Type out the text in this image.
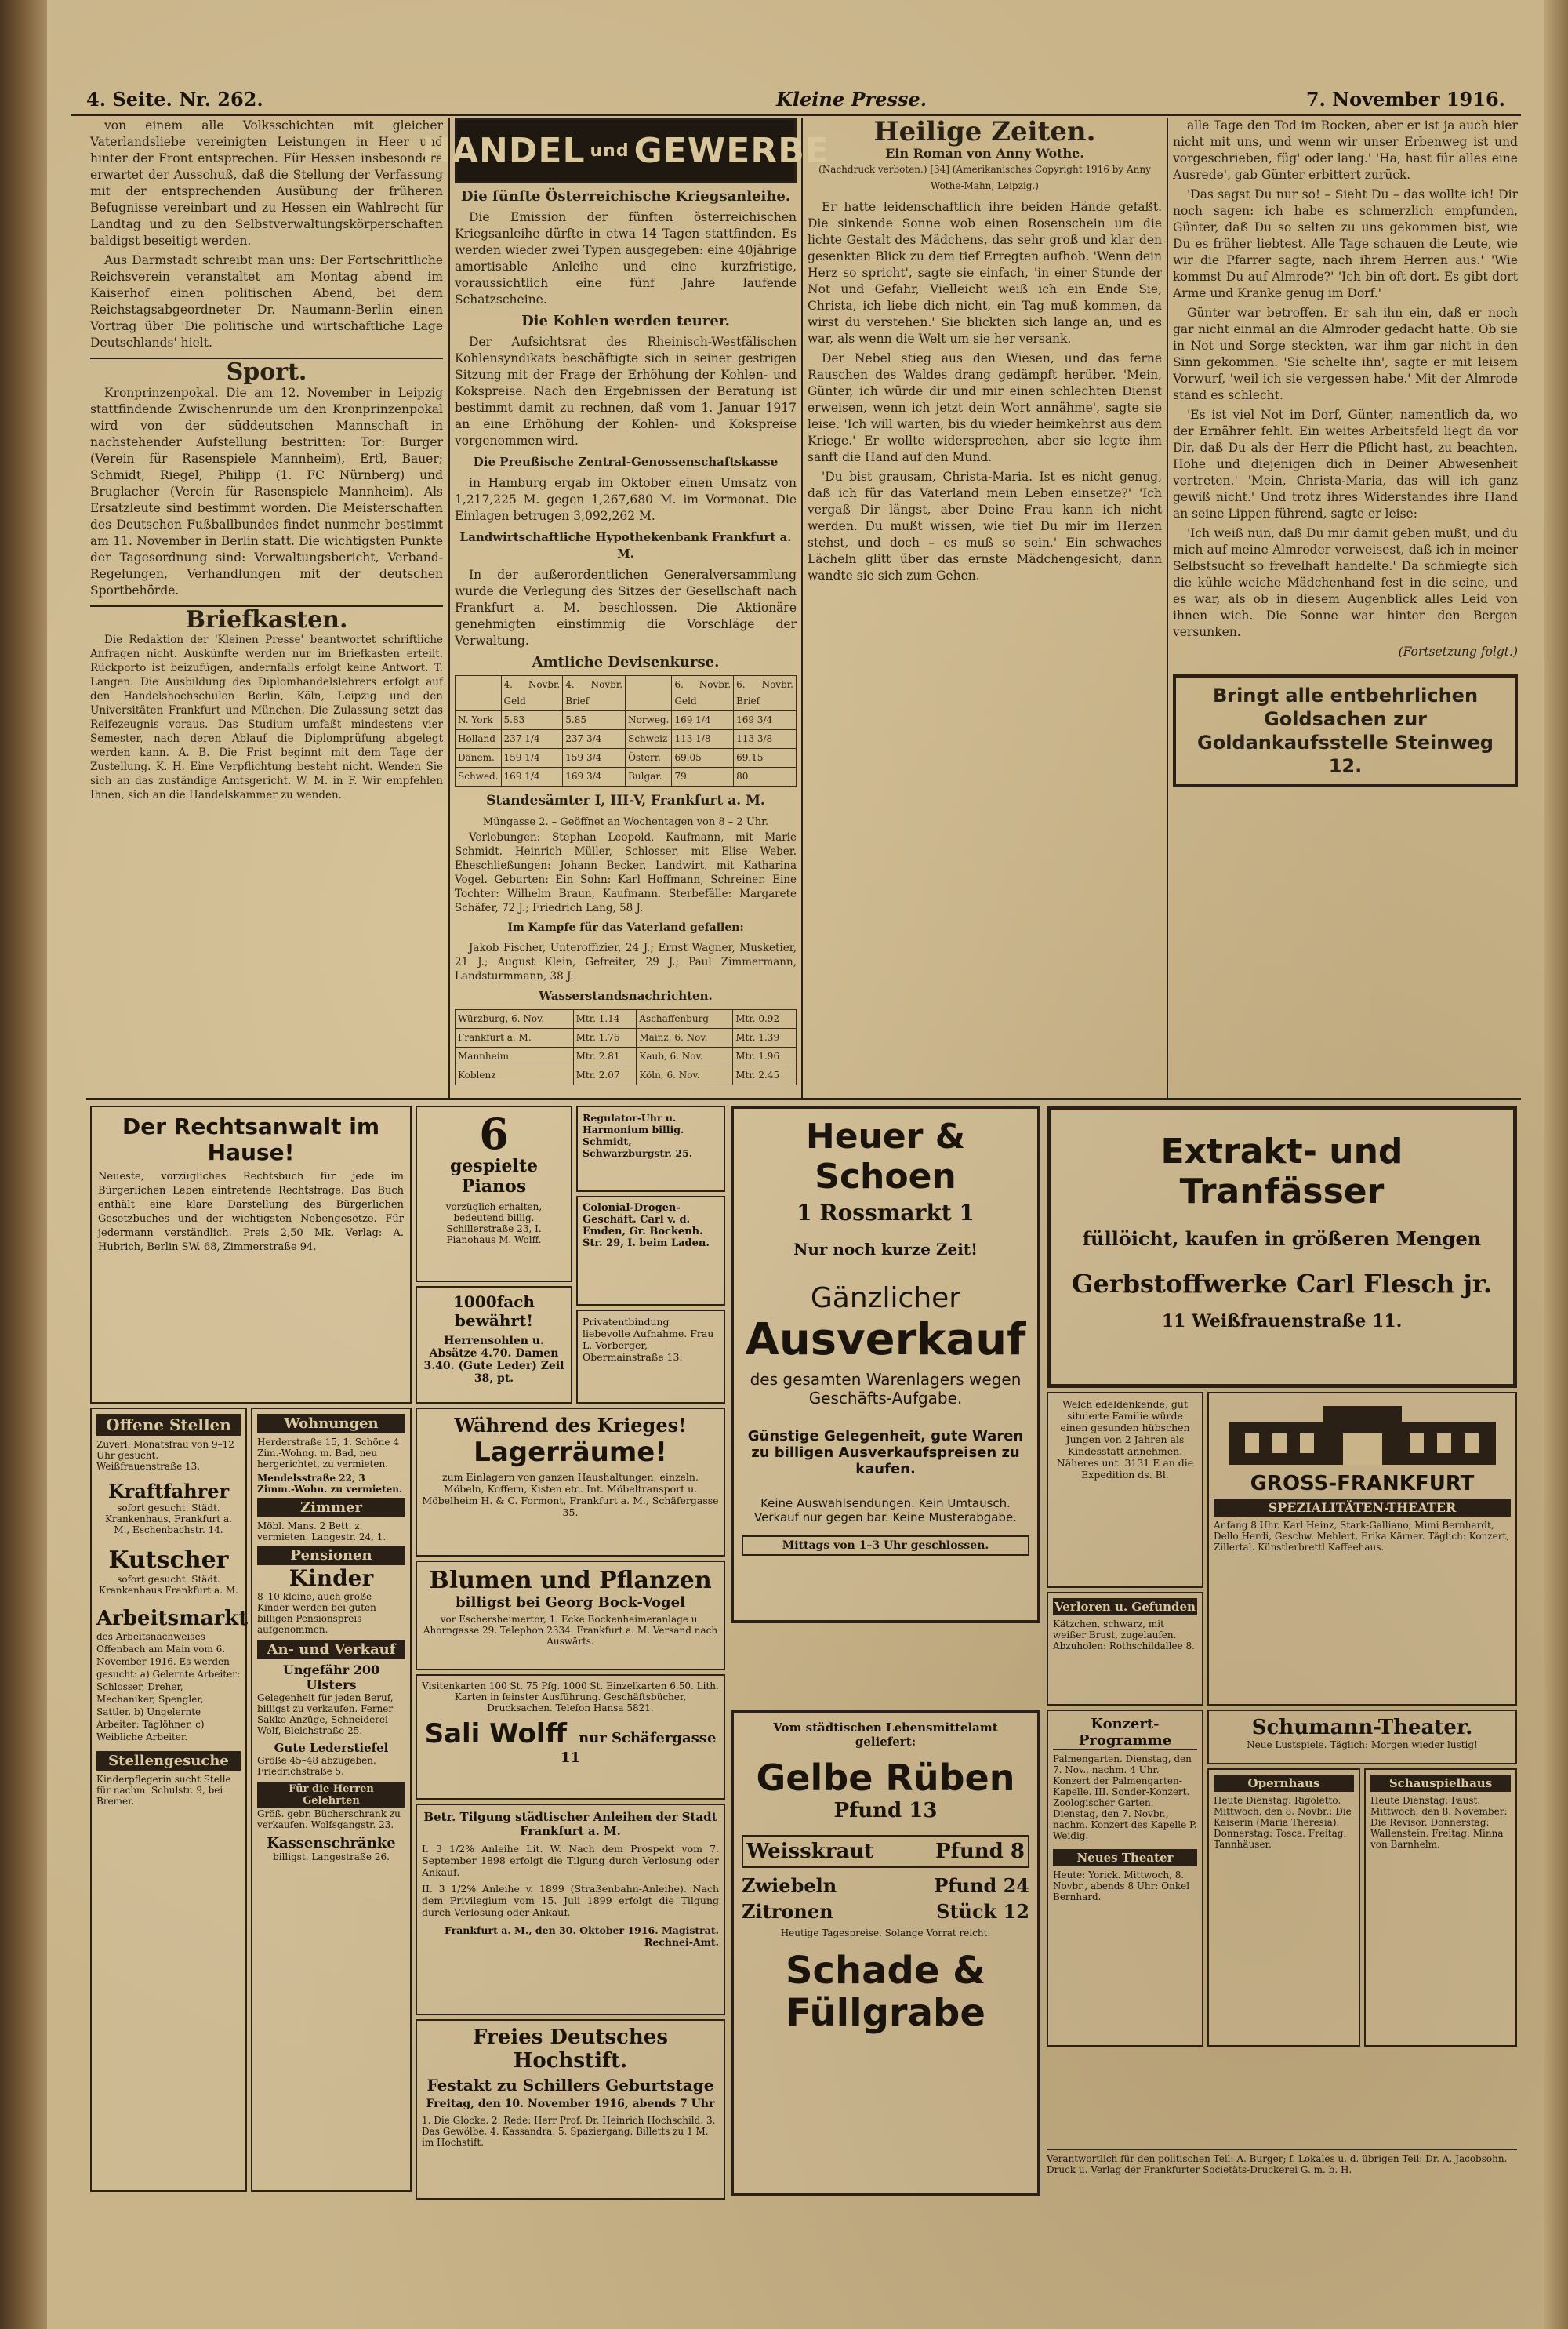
4. Seite. Nr. 262.	Kleine Presse.	7. November 1916.

von einem alle Volksschichten mit gleicher Vaterlandsliebe vereinigten Leistungen in Heer und hinter der Front entsprechen. Für Hessen insbesondere erwartet der Ausschuß, daß die Stellung der Verfassung mit der entsprechenden Ausübung der früheren Befugnisse vereinbart und zu Hessen ein Wahlrecht für Landtag und zu den Selbstverwaltungskörperschaften baldigst beseitigt werden.

Aus Darmstadt schreibt man uns: Der Fortschrittliche Reichsverein veranstaltet am Montag abend im Kaiserhof einen politischen Abend, bei dem Reichstagsabgeordneter Dr. Naumann-Berlin einen Vortrag über 'Die politische und wirtschaftliche Lage Deutschlands' hielt.

Sport.

Kronprinzenpokal. Die am 12. November in Leipzig stattfindende Zwischenrunde um den Kronprinzenpokal wird von der süddeutschen Mannschaft in nachstehender Aufstellung bestritten: Tor: Burger (Verein für Rasenspiele Mannheim), Ertl, Bauer; Schmidt, Riegel, Philipp (1. FC Nürnberg) und Bruglacher (Verein für Rasenspiele Mannheim). Als Ersatzleute sind bestimmt worden. Die Meisterschaften des Deutschen Fußballbundes findet nunmehr bestimmt am 11. November in Berlin statt. Die wichtigsten Punkte der Tagesordnung sind: Verwaltungsbericht, Verband-Regelungen, Verhandlungen mit der deutschen Sportbehörde.

Briefkasten.

Die Redaktion der 'Kleinen Presse' beantwortet schriftliche Anfragen nicht. Auskünfte werden nur im Briefkasten erteilt. Rückporto ist beizufügen, andernfalls erfolgt keine Antwort. T. Langen. Die Ausbildung des Diplomhandelslehrers erfolgt auf den Handelshochschulen Berlin, Köln, Leipzig und den Universitäten Frankfurt und München. Die Zulassung setzt das Reifezeugnis voraus. Das Studium umfaßt mindestens vier Semester, nach deren Ablauf die Diplomprüfung abgelegt werden kann. A. B. Die Frist beginnt mit dem Tage der Zustellung. K. H. Eine Verpflichtung besteht nicht. Wenden Sie sich an das zuständige Amtsgericht. W. M. in F. Wir empfehlen Ihnen, sich an die Handelskammer zu wenden.

HANDEL und GEWERBE
Die fünfte Österreichische Kriegsanleihe.

Die Emission der fünften österreichischen Kriegsanleihe dürfte in etwa 14 Tagen stattfinden. Es werden wieder zwei Typen ausgegeben: eine 40jährige amortisable Anleihe und eine kurzfristige, voraussichtlich eine fünf Jahre laufende Schatzscheine.

Die Kohlen werden teurer.

Der Aufsichtsrat des Rheinisch-Westfälischen Kohlensyndikats beschäftigte sich in seiner gestrigen Sitzung mit der Frage der Erhöhung der Kohlen- und Kokspreise. Nach den Ergebnissen der Beratung ist bestimmt damit zu rechnen, daß vom 1. Januar 1917 an eine Erhöhung der Kohlen- und Kokspreise vorgenommen wird.

Die Preußische Zentral-Genossenschaftskasse

in Hamburg ergab im Oktober einen Umsatz von 1,217,225 M. gegen 1,267,680 M. im Vormonat. Die Einlagen betrugen 3,092,262 M.

Landwirtschaftliche Hypothekenbank Frankfurt a. M.

In der außerordentlichen Generalversammlung wurde die Verlegung des Sitzes der Gesellschaft nach Frankfurt a. M. beschlossen. Die Aktionäre genehmigten einstimmig die Vorschläge der Verwaltung.

Amtliche Devisenkurse.
	4. Novbr. Geld	4. Novbr. Brief		6. Novbr. Geld	6. Novbr. Brief
N. York	5.83	5.85	Norweg.	169 1/4	169 3/4
Holland	237 1/4	237 3/4	Schweiz	113 1/8	113 3/8
Dänem.	159 1/4	159 3/4	Österr.	69.05	69.15
Schwed.	169 1/4	169 3/4	Bulgar.	79	80
Standesämter I, III-V, Frankfurt a. M.
Müngasse 2. – Geöffnet an Wochentagen von 8 – 2 Uhr.

Verlobungen: Stephan Leopold, Kaufmann, mit Marie Schmidt. Heinrich Müller, Schlosser, mit Elise Weber. Eheschließungen: Johann Becker, Landwirt, mit Katharina Vogel. Geburten: Ein Sohn: Karl Hoffmann, Schreiner. Eine Tochter: Wilhelm Braun, Kaufmann. Sterbefälle: Margarete Schäfer, 72 J.; Friedrich Lang, 58 J.

Im Kampfe für das Vaterland gefallen:

Jakob Fischer, Unteroffizier, 24 J.; Ernst Wagner, Musketier, 21 J.; August Klein, Gefreiter, 29 J.; Paul Zimmermann, Landsturmmann, 38 J.

Wasserstandsnachrichten.
Würzburg, 6. Nov.	Mtr. 1.14	Aschaffenburg	Mtr. 0.92
Frankfurt a. M.	Mtr. 1.76	Mainz, 6. Nov.	Mtr. 1.39
Mannheim	Mtr. 2.81	Kaub, 6. Nov.	Mtr. 1.96
Koblenz	Mtr. 2.07	Köln, 6. Nov.	Mtr. 2.45
Heilige Zeiten.
Ein Roman von Anny Wothe.
(Nachdruck verboten.) [34] (Amerikanisches Copyright 1916 by Anny Wothe-Mahn, Leipzig.)

Er hatte leidenschaftlich ihre beiden Hände gefaßt. Die sinkende Sonne wob einen Rosenschein um die lichte Gestalt des Mädchens, das sehr groß und klar den gesenkten Blick zu dem tief Erregten aufhob. 'Wenn dein Herz so spricht', sagte sie einfach, 'in einer Stunde der Not und Gefahr, Vielleicht weiß ich ein Ende Sie, Christa, ich liebe dich nicht, ein Tag muß kommen, da wirst du verstehen.' Sie blickten sich lange an, und es war, als wenn die Welt um sie her versank.

Der Nebel stieg aus den Wiesen, und das ferne Rauschen des Waldes drang gedämpft herüber. 'Mein, Günter, ich würde dir und mir einen schlechten Dienst erweisen, wenn ich jetzt dein Wort annähme', sagte sie leise. 'Ich will warten, bis du wieder heimkehrst aus dem Kriege.' Er wollte widersprechen, aber sie legte ihm sanft die Hand auf den Mund.

'Du bist grausam, Christa-Maria. Ist es nicht genug, daß ich für das Vaterland mein Leben einsetze?' 'Ich vergaß Dir längst, aber Deine Frau kann ich nicht werden. Du mußt wissen, wie tief Du mir im Herzen stehst, und doch – es muß so sein.' Ein schwaches Lächeln glitt über das ernste Mädchengesicht, dann wandte sie sich zum Gehen.

alle Tage den Tod im Rocken, aber er ist ja auch hier nicht mit uns, und wenn wir unser Erbenweg ist und vorgeschrieben, füg' oder lang.' 'Ha, hast für alles eine Ausrede', gab Günter erbittert zurück.

'Das sagst Du nur so! – Sieht Du – das wollte ich! Dir noch sagen: ich habe es schmerzlich empfunden, Günter, daß Du so selten zu uns gekommen bist, wie Du es früher liebtest. Alle Tage schauen die Leute, wie wir die Pfarrer sagte, nach ihrem Herren aus.' 'Wie kommst Du auf Almrode?' 'Ich bin oft dort. Es gibt dort Arme und Kranke genug im Dorf.'

Günter war betroffen. Er sah ihn ein, daß er noch gar nicht einmal an die Almroder gedacht hatte. Ob sie in Not und Sorge steckten, war ihm gar nicht in den Sinn gekommen. 'Sie schelte ihn', sagte er mit leisem Vorwurf, 'weil ich sie vergessen habe.' Mit der Almrode stand es schlecht.

'Es ist viel Not im Dorf, Günter, namentlich da, wo der Ernährer fehlt. Ein weites Arbeitsfeld liegt da vor Dir, daß Du als der Herr die Pflicht hast, zu beachten, Hohe und diejenigen dich in Deiner Abwesenheit vertreten.' 'Mein, Christa-Maria, das will ich ganz gewiß nicht.' Und trotz ihres Widerstandes ihre Hand an seine Lippen führend, sagte er leise:

'Ich weiß nun, daß Du mir damit geben mußt, und du mich auf meine Almroder verweisest, daß ich in meiner Selbstsucht so frevelhaft handelte.' Da schmiegte sich die kühle weiche Mädchenhand fest in die seine, und es war, als ob in diesem Augenblick alles Leid von ihnen wich. Die Sonne war hinter den Bergen versunken.

(Fortsetzung folgt.)
Bringt alle entbehrlichen Goldsachen zur Goldankaufsstelle Steinweg 12.
Der Rechtsanwalt im Hause!
Neueste, vorzügliches Rechtsbuch für jede im Bürgerlichen Leben eintretende Rechtsfrage. Das Buch enthält eine klare Darstellung des Bürgerlichen Gesetzbuches und der wichtigsten Nebengesetze. Für jedermann verständlich. Preis 2,50 Mk. Verlag: A. Hubrich, Berlin SW. 68, Zimmerstraße 94.
Offene Stellen
Zuverl. Monatsfrau von 9–12 Uhr gesucht. Weißfrauenstraße 13.
Kraftfahrer
sofort gesucht. Städt. Krankenhaus, Frankfurt a. M., Eschenbachstr. 14.
Kutscher
sofort gesucht. Städt. Krankenhaus Frankfurt a. M.
Arbeitsmarkt
des Arbeitsnachweises Offenbach am Main vom 6. November 1916. Es werden gesucht: a) Gelernte Arbeiter: Schlosser, Dreher, Mechaniker, Spengler, Sattler. b) Ungelernte Arbeiter: Taglöhner. c) Weibliche Arbeiter.
Stellengesuche
Kinderpflegerin sucht Stelle für nachm. Schulstr. 9, bei Bremer.
Wohnungen
Herderstraße 15, 1. Schöne 4 Zim.-Wohng. m. Bad, neu hergerichtet, zu vermieten.
Mendelsstraße 22, 3 Zimm.-Wohn. zu vermieten.
Zimmer
Möbl. Mans. 2 Bett. z. vermieten. Langestr. 24, 1.
Pensionen
Kinder
8–10 kleine, auch große Kinder werden bei guten billigen Pensionspreis aufgenommen.
An- und Verkauf
Ungefähr 200 Ulsters
Gelegenheit für jeden Beruf, billigst zu verkaufen. Ferner Sakko-Anzüge, Schneiderei Wolf, Bleichstraße 25.
Gute Lederstiefel
Größe 45–48 abzugeben. Friedrichstraße 5.
Für die Herren Gelehrten
Größ. gebr. Bücherschrank zu verkaufen. Wolfsgangstr. 23.
Kassenschränke
billigst. Langestraße 26.
6
gespielte Pianos
vorzüglich erhalten, bedeutend billig. Schillerstraße 23, I. Pianohaus M. Wolff.
1000fach bewährt!
Herrensohlen u. Absätze 4.70. Damen 3.40. (Gute Leder) Zeil 38, pt.
Regulator-Uhr u. Harmonium billig. Schmidt, Schwarzburgstr. 25.
Colonial-Drogen-Geschäft. Carl v. d. Emden, Gr. Bockenh. Str. 29, I. beim Laden.
Privatentbindung liebevolle Aufnahme. Frau L. Vorberger, Obermainstraße 13.
Während des Krieges!
Lagerräume!
zum Einlagern von ganzen Haushaltungen, einzeln. Möbeln, Koffern, Kisten etc. Int. Möbeltransport u. Möbelheim H. & C. Formont, Frankfurt a. M., Schäfergasse 35.
Blumen und Pflanzen
billigst bei Georg Bock-Vogel
vor Eschersheimertor, 1. Ecke Bockenheimeranlage u. Ahorngasse 29. Telephon 2334. Frankfurt a. M. Versand nach Auswärts.
Visitenkarten 100 St. 75 Pfg. 1000 St. Einzelkarten 6.50. Lith. Karten in feinster Ausführung. Geschäftsbücher, Drucksachen. Telefon Hansa 5821.
Sali Wolff nur Schäfergasse 11
Betr. Tilgung städtischer Anleihen der Stadt Frankfurt a. M.
I. 3 1/2% Anleihe Lit. W. Nach dem Prospekt vom 7. September 1898 erfolgt die Tilgung durch Verlosung oder Ankauf.
II. 3 1/2% Anleihe v. 1899 (Straßenbahn-Anleihe). Nach dem Privilegium vom 15. Juli 1899 erfolgt die Tilgung durch Verlosung oder Ankauf.
Frankfurt a. M., den 30. Oktober 1916. Magistrat. Rechnei-Amt.
Freies Deutsches Hochstift.
Festakt zu Schillers Geburtstage
Freitag, den 10. November 1916, abends 7 Uhr
1. Die Glocke. 2. Rede: Herr Prof. Dr. Heinrich Hochschild. 3. Das Gewölbe. 4. Kassandra. 5. Spaziergang. Billetts zu 1 M. im Hochstift.
Heuer & Schoen
1 Rossmarkt 1
Nur noch kurze Zeit!
Gänzlicher
Ausverkauf
des gesamten Warenlagers wegen Geschäfts-Aufgabe.
Günstige Gelegenheit, gute Waren zu billigen Ausverkaufspreisen zu kaufen.
Keine Auswahlsendungen. Kein Umtausch. Verkauf nur gegen bar. Keine Musterabgabe.
Mittags von 1–3 Uhr geschlossen.
Vom städtischen Lebensmittelamt geliefert:
Gelbe Rüben
Pfund 13
Weisskraut	Pfund 8
Zwiebeln	Pfund 24
Zitronen	Stück 12
Heutige Tagespreise. Solange Vorrat reicht.
Schade & Füllgrabe
Extrakt- und Tranfässer
füllöicht, kaufen in größeren Mengen
Gerbstoffwerke Carl Flesch jr.
11 Weißfrauenstraße 11.
Welch edeldenkende, gut situierte Familie würde einen gesunden hübschen Jungen von 2 Jahren als Kindesstatt annehmen. Näheres unt. 3131 E an die Expedition ds. Bl.	GROSS-FRANKFURT
SPEZIALITÄTEN-THEATER
Anfang 8 Uhr. Karl Heinz, Stark-Galliano, Mimi Bernhardt, Dello Herdi, Geschw. Mehlert, Erika Kärner. Täglich: Konzert, Zillertal. Künstlerbrettl Kaffeehaus.
Verloren u. Gefunden
Kätzchen, schwarz, mit weißer Brust, zugelaufen. Abzuholen: Rothschildallee 8.
Konzert-Programme
Palmengarten. Dienstag, den 7. Nov., nachm. 4 Uhr. Konzert der Palmengarten-Kapelle. III. Sonder-Konzert. Zoologischer Garten. Dienstag, den 7. Novbr., nachm. Konzert des Kapelle P. Weidig.
Neues Theater
Heute: Yorick. Mittwoch, 8. Novbr., abends 8 Uhr: Onkel Bernhard.
Schumann-Theater.
Neue Lustspiele. Täglich: Morgen wieder lustig!
Opernhaus
Heute Dienstag: Rigoletto. Mittwoch, den 8. Novbr.: Die Kaiserin (Maria Theresia). Donnerstag: Tosca. Freitag: Tannhäuser.
Schauspielhaus
Heute Dienstag: Faust. Mittwoch, den 8. November: Die Revisor. Donnerstag: Wallenstein. Freitag: Minna von Barnhelm.
Verantwortlich für den politischen Teil: A. Burger; f. Lokales u. d. übrigen Teil: Dr. A. Jacobsohn. Druck u. Verlag der Frankfurter Societäts-Druckerei G. m. b. H.
